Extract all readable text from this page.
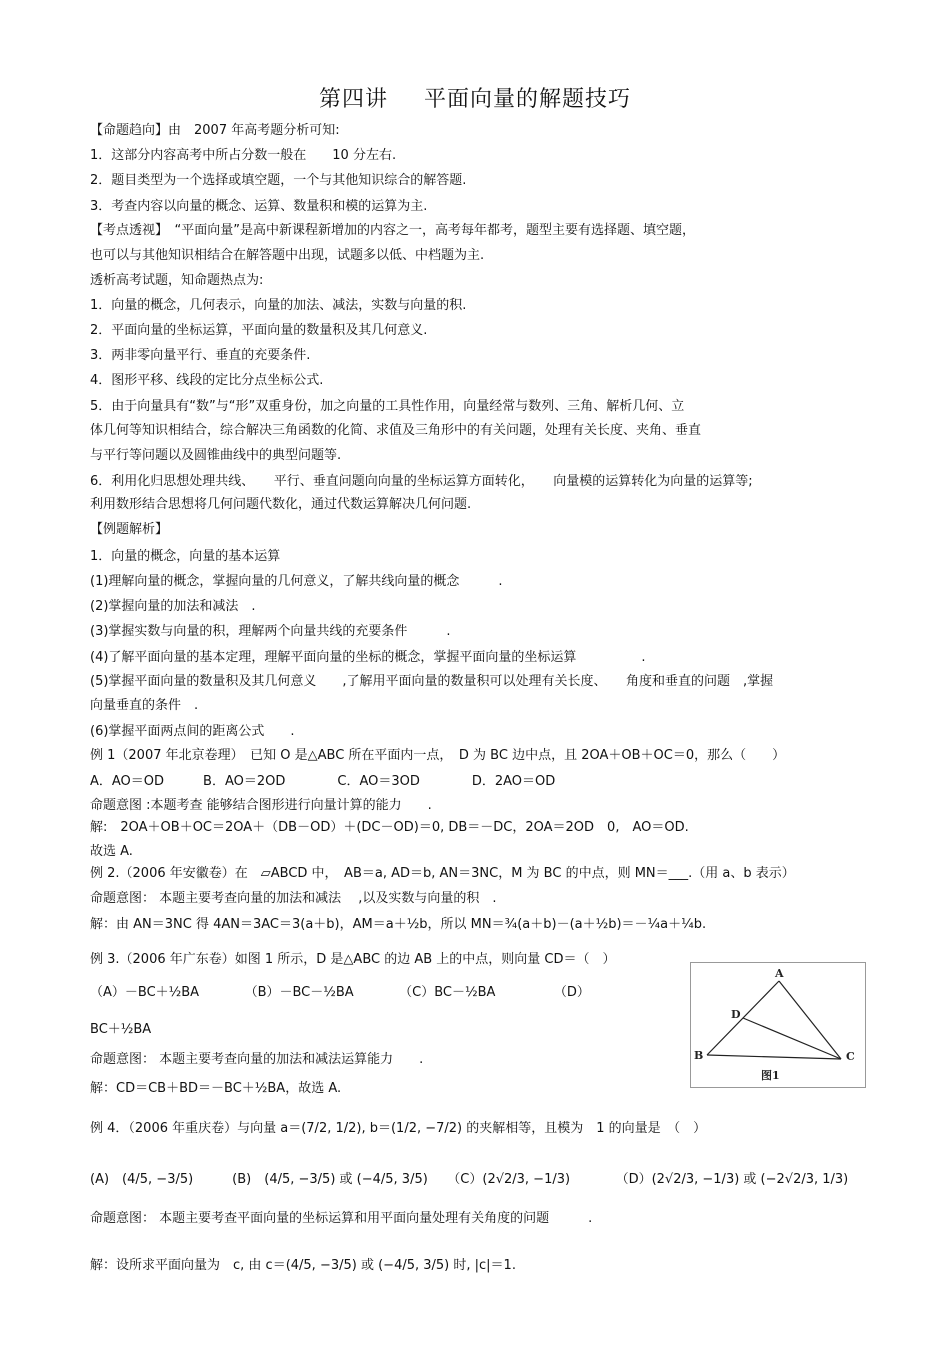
第四讲 平面向量的解题技巧
【命题趋向】由　2007 年高考题分析可知:
1．这部分内容高考中所占分数一般在　　10 分左右.
2．题目类型为一个选择或填空题，一个与其他知识综合的解答题.
3．考查内容以向量的概念、运算、数量积和模的运算为主.
【考点透视】　“平面向量”是高中新课程新增加的内容之一，高考每年都考，题型主要有选择题、填空题，
也可以与其他知识相结合在解答题中出现，试题多以低、中档题为主.
透析高考试题，知命题热点为:
1．向量的概念，几何表示，向量的加法、减法，实数与向量的积.
2．平面向量的坐标运算，平面向量的数量积及其几何意义.
3．两非零向量平行、垂直的充要条件.
4．图形平移、线段的定比分点坐标公式.
5．由于向量具有“数”与“形”双重身份，加之向量的工具性作用，向量经常与数列、三角、解析几何、立
体几何等知识相结合，综合解决三角函数的化简、求值及三角形中的有关问题，处理有关长度、夹角、垂直
与平行等问题以及圆锥曲线中的典型问题等.
6．利用化归思想处理共线、　　平行、垂直问题向向量的坐标运算方面转化，　　向量模的运算转化为向量的运算等;
利用数形结合思想将几何问题代数化，通过代数运算解决几何问题.
【例题解析】
1．向量的概念，向量的基本运算
(1)理解向量的概念，掌握向量的几何意义，了解共线向量的概念　　　.
(2)掌握向量的加法和减法　.
(3)掌握实数与向量的积，理解两个向量共线的充要条件　　　.
(4)了解平面向量的基本定理，理解平面向量的坐标的概念，掌握平面向量的坐标运算　　　　　.
(5)掌握平面向量的数量积及其几何意义　　,了解用平面向量的数量积可以处理有关长度、　　角度和垂直的问题　,掌握
向量垂直的条件　.
(6)掌握平面两点间的距离公式　　.
例 1（2007 年北京卷理）　已知 O 是△ABC 所在平面内一点，　D 为 BC 边中点，且 2OA＋OB＋OC＝0，那么（　　）
A．AO＝OD　　　B．AO＝2OD　　　　C．AO＝3OD　　　　D．2AO＝OD
命题意图 :本题考查 能够结合图形进行向量计算的能力　　.
解:　2OA＋OB＋OC＝2OA＋（DB－OD）＋(DC－OD)＝0, DB＝－DC，2OA＝2OD　0,　AO＝OD.
故选 A.
例 2.（2006 年安徽卷）在　▱ABCD 中，　AB＝a, AD＝b, AN＝3NC，M 为 BC 的中点，则 MN＝___.（用 a、b 表示）
命题意图： 本题主要考查向量的加法和减法　 ,以及实数与向量的积　.
解：由 AN＝3NC 得 4AN＝3AC＝3(a＋b)，AM＝a＋½b，所以 MN＝¾(a＋b)－(a＋½b)＝－¼a＋¼b.
例 3.（2006 年广东卷）如图 1 所示，D 是△ABC 的边 AB 上的中点，则向量 CD＝（　）
（A）－BC＋½BA　　　　（B）－BC－½BA　　　　（C）BC－½BA　　　　　（D）
BC＋½BA
命题意图： 本题主要考查向量的加法和减法运算能力　　.
解：CD＝CB＋BD＝－BC＋½BA，故选 A.
例 4．（2006 年重庆卷）与向量 a＝(7/2, 1/2), b＝(1/2, −7/2) 的夹解相等，且模为　1 的向量是　（　）
(A)　(4/5, −3/5)　　　(B)　(4/5, −3/5) 或 (−4/5, 3/5)　　（C）(2√2/3, −1/3)　　　　（D）(2√2/3, −1/3) 或 (−2√2/3, 1/3)
命题意图： 本题主要考查平面向量的坐标运算和用平面向量处理有关角度的问题　　　.
解：设所求平面向量为　c, 由 c＝(4/5, −3/5) 或 (−4/5, 3/5) 时, |c|＝1.
A
B	C
D
图1
